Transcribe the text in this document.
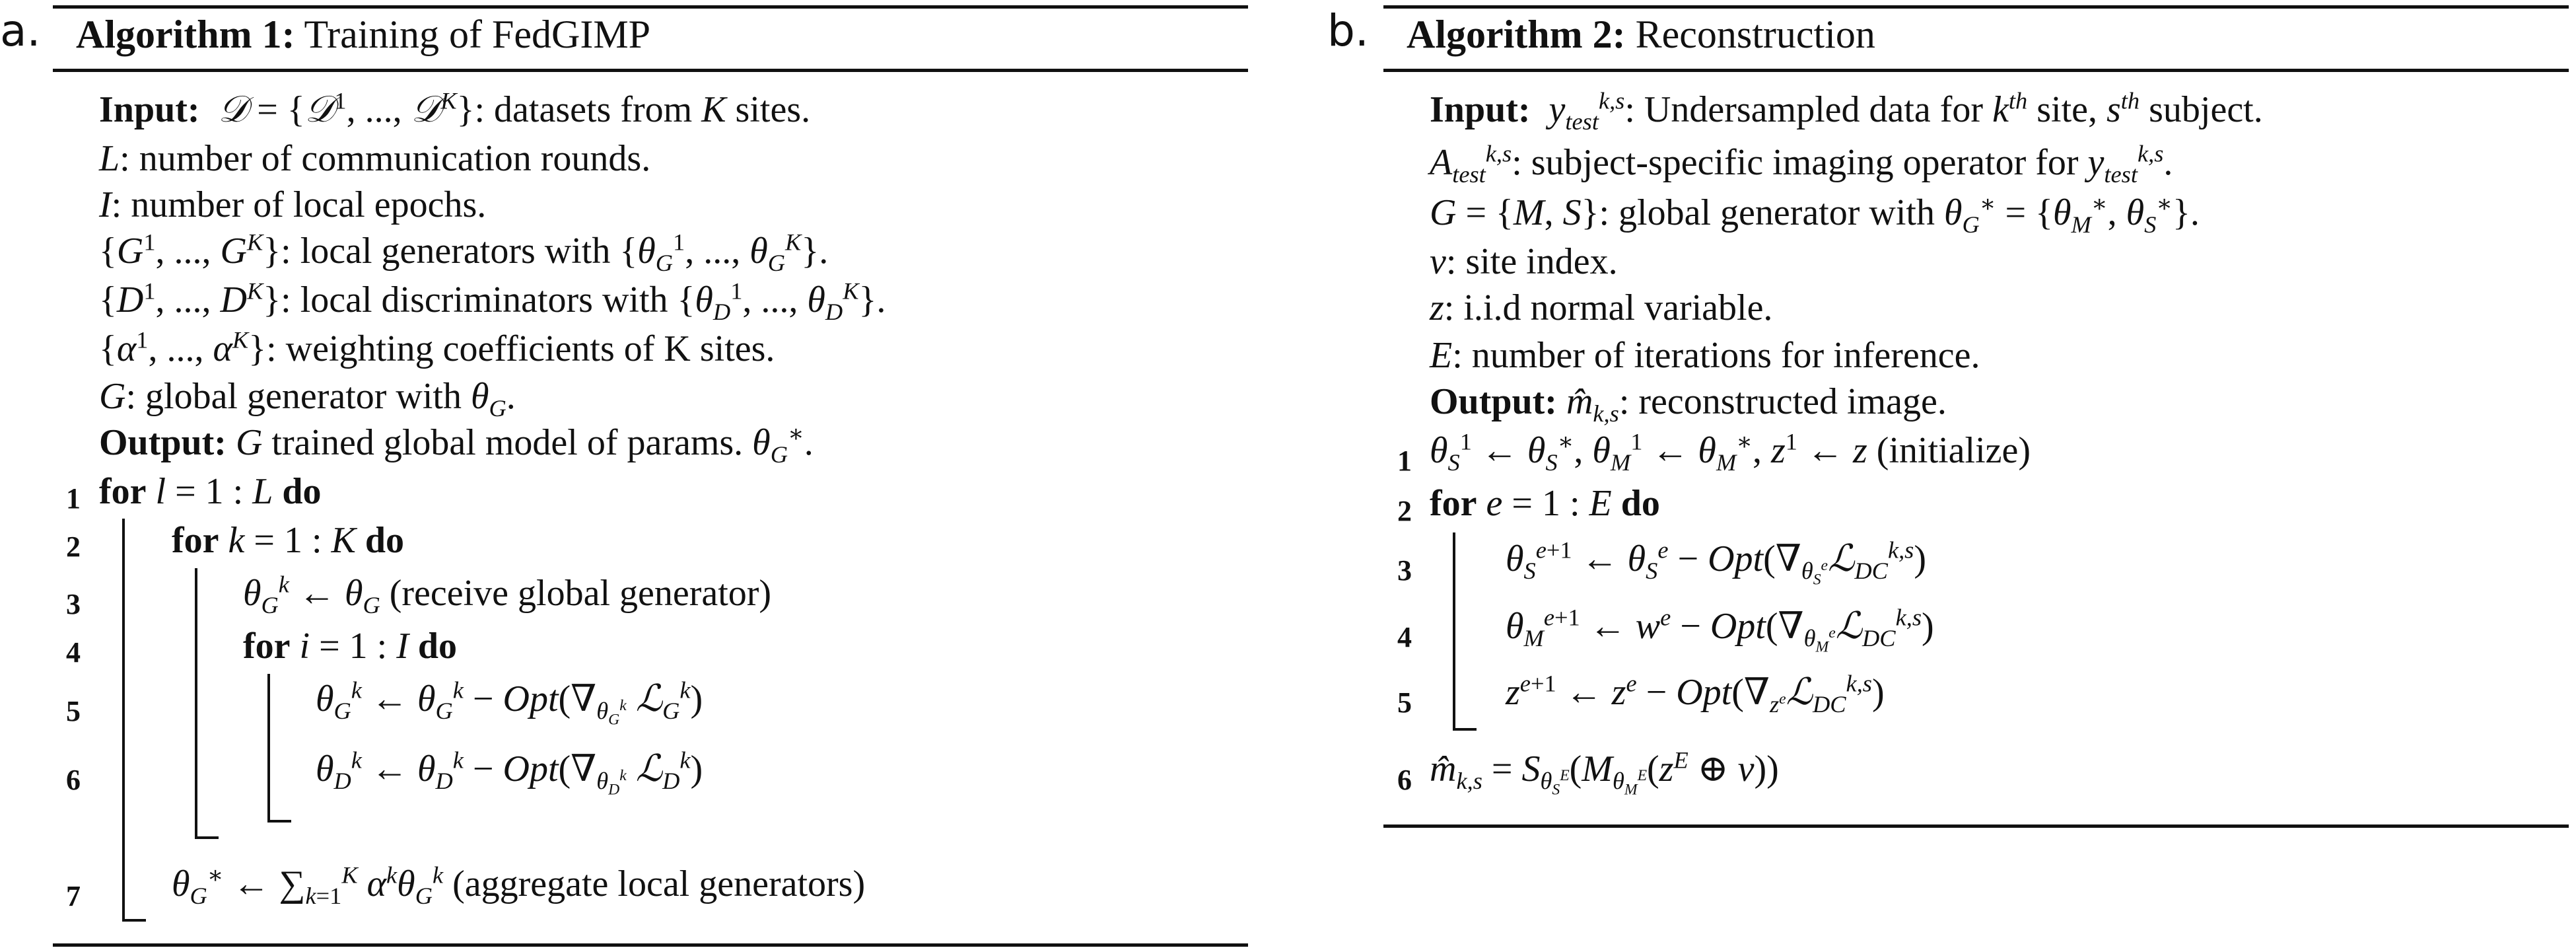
a. Algorithm 1: Training of FedGIMP
Input: 𝒟 = {𝒟$^1$, ..., 𝒟$^K$}: datasets from K sites.
L: number of communication rounds.
I: number of local epochs.
{$G^1$, ..., $G^K$}: local generators with {$\theta_G^1$, ..., $\theta_G^K$}.
{$D^1$, ..., $D^K$}: local discriminators with {$\theta_D^1$, ..., $\theta_D^K$}.
{$\alpha^1$, ..., $\alpha^K$}: weighting coefficients of K sites.
G: global generator with $\theta_G$.
Output: G trained global model of params. $\theta_G^∗$.
1 for l = 1 : L do
2 for k = 1 : K do
3	$\theta_G^k$ ← $\theta_G$ (receive global generator)
4	for i = 1 : I do
5	$\theta_G^k$ ← $\theta_G^k - Opt(\nabla_{\theta_G^k}$ ℒ$_G^k$)
6	$\theta_D^k$ ← $\theta_D^k - Opt(\nabla_{\theta_D^k}$ ℒ$_D^k$)
7 $\theta_G^∗$ ← $\sum_{k=1}^K$ $\alpha^k\theta_G^k$ (aggregate local generators)
b. Algorithm 2: Reconstruction
Input: $y_{test}^{k,s}$: Undersampled data for $k^{th}$ site, $s^{th}$ subject.
$A_{test}^{k,s}$: subject-specific imaging operator for $y_{test}^{k,s}$.
G = {M, S}: global generator with $\theta_G^∗ = \{\theta_M^∗$, $\theta_S^∗$}.
v: site index.
z: i.i.d normal variable.
E: number of iterations for inference.
Output: $m̂_{k,s}$: reconstructed image.
1 $\theta_S^1$ ← $\theta_S^∗$, $\theta_M^1$ ← $\theta_M^∗$, $z^1$ ← z (initialize)
2 for e = 1 : E do
3	$\theta_S^{e+1}$ ← $\theta_S^e$ − $Opt(\nabla_{\theta_S^e}ℒ_{DC}^{k,s})$
4	$\theta_M^{e+1}$ ← $w^e$ − $Opt(\nabla_{\theta_M^e}ℒ_{DC}^{k,s})$
5	$z^{e+1}$ ← $z^e$ − $Opt(\nabla_{z^e}ℒ_{DC}^{k,s})$
6 $m̂_{k,s} = S_{\theta_S^E}(M_{\theta_M^E}(z^E$ ⊕ v))
